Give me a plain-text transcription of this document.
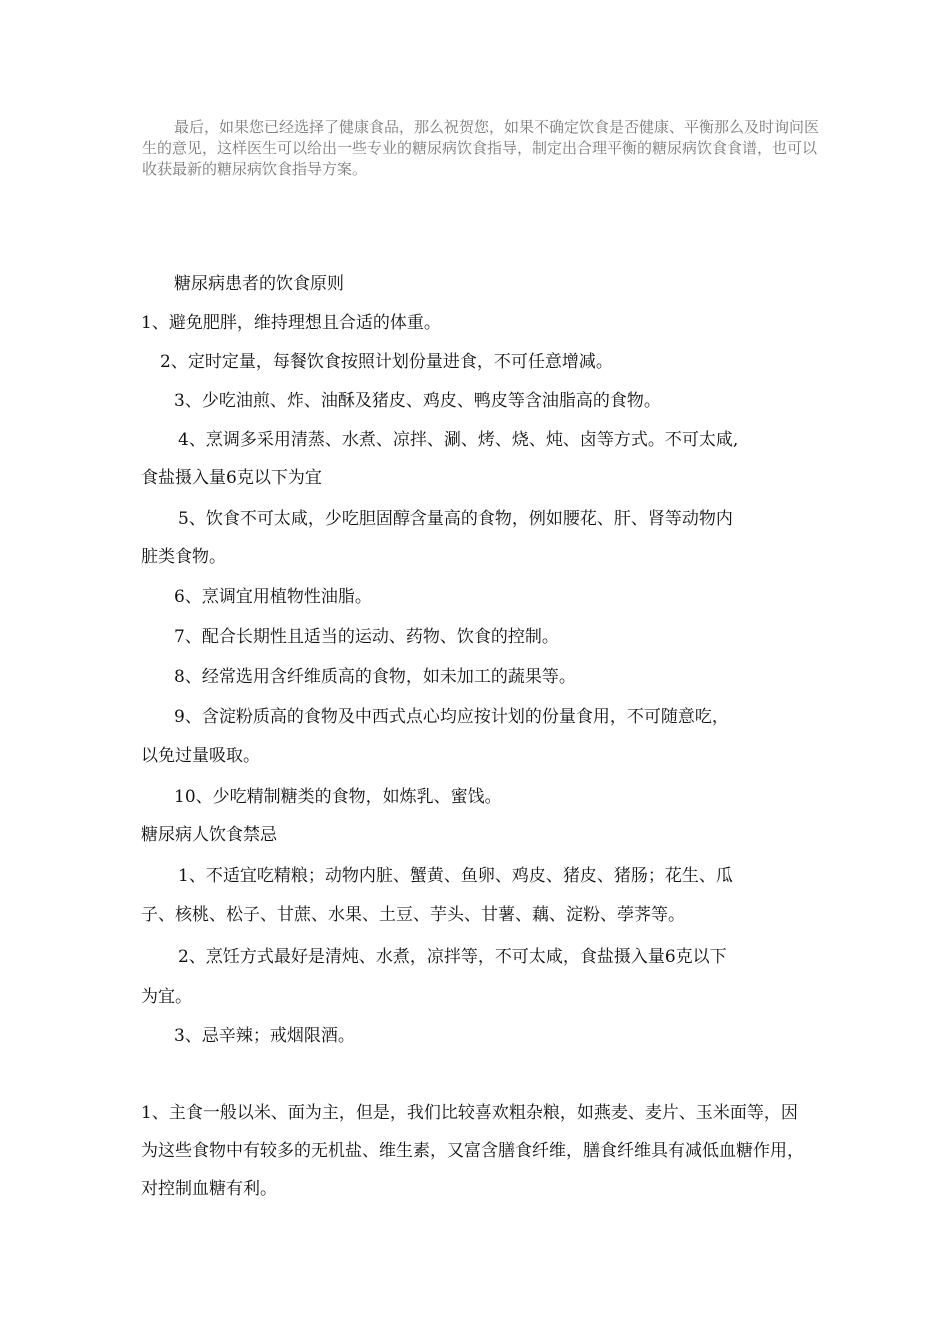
最后，如果您已经选择了健康食品，那么祝贺您，如果不确定饮食是否健康、平衡那么及时询问医生的意见，这样医生可以给出一些专业的糖尿病饮食指导，制定出合理平衡的糖尿病饮食食谱，也可以收获最新的糖尿病饮食指导方案。

糖尿病患者的饮食原则
1、避免肥胖，维持理想且合适的体重。
2、定时定量，每餐饮食按照计划份量进食，不可任意增减。
3、少吃油煎、炸、油酥及猪皮、鸡皮、鸭皮等含油脂高的食物。
4、烹调多采用清蒸、水煮、凉拌、涮、烤、烧、炖、卤等方式。不可太咸,
食盐摄入量6克以下为宜
5、饮食不可太咸，少吃胆固醇含量高的食物，例如腰花、肝、肾等动物内
脏类食物。
6、烹调宜用植物性油脂。
7、配合长期性且适当的运动、药物、饮食的控制。
8、经常选用含纤维质高的食物，如未加工的蔬果等。
9、含淀粉质高的食物及中西式点心均应按计划的份量食用，不可随意吃，
以免过量吸取。
10、少吃精制糖类的食物，如炼乳、蜜饯。
糖尿病人饮食禁忌
1、不适宜吃精粮；动物内脏、蟹黄、鱼卵、鸡皮、猪皮、猪肠；花生、瓜
子、核桃、松子、甘蔗、水果、土豆、芋头、甘薯、藕、淀粉、荸荠等。
2、烹饪方式最好是清炖、水煮，凉拌等，不可太咸，食盐摄入量6克以下
为宜。
3、忌辛辣；戒烟限酒。

1、主食一般以米、面为主，但是，我们比较喜欢粗杂粮，如燕麦、麦片、玉米面等，因为这些食物中有较多的无机盐、维生素，又富含膳食纤维，膳食纤维具有减低血糖作用，对控制血糖有利。
